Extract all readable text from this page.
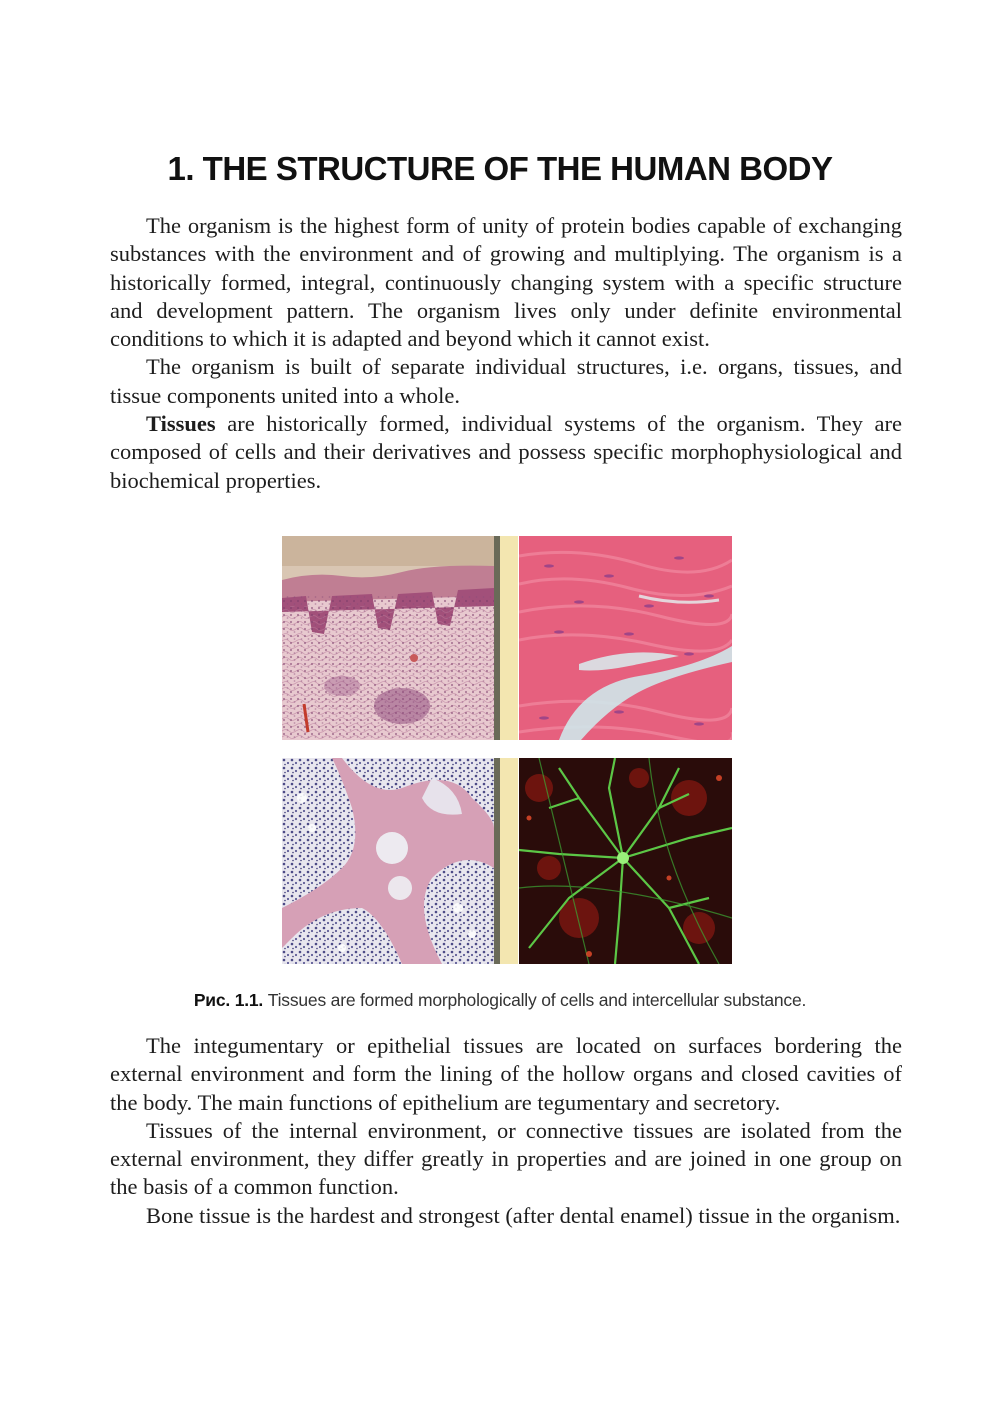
1. THE STRUCTURE OF THE HUMAN BODY

The organism is the highest form of unity of protein bodies capable of exchanging substances with the environment and of growing and multiplying. The organism is a historically formed, integral, continuously changing system with a specific structure and development pattern. The organism lives only under definite environmental conditions to which it is adapted and beyond which it cannot exist.

The organism is built of separate individual structures, i.e. organs, tissues, and tissue components united into a whole.

Tissues are historically formed, individual systems of the organism. They are composed of cells and their derivatives and possess specific morphophysiological and biochemical properties.

Рис. 1.1. Tissues are formed morphologically of cells and intercellular substance.

The integumentary or epithelial tissues are located on surfaces bordering the external environment and form the lining of the hollow organs and closed cavities of the body. The main functions of epithelium are tegumentary and secretory.

Tissues of the internal environment, or connective tissues are isolated from the external environment, they differ greatly in properties and are joined in one group on the basis of a common function.

Bone tissue is the hardest and strongest (after dental enamel) tissue in the organism.
